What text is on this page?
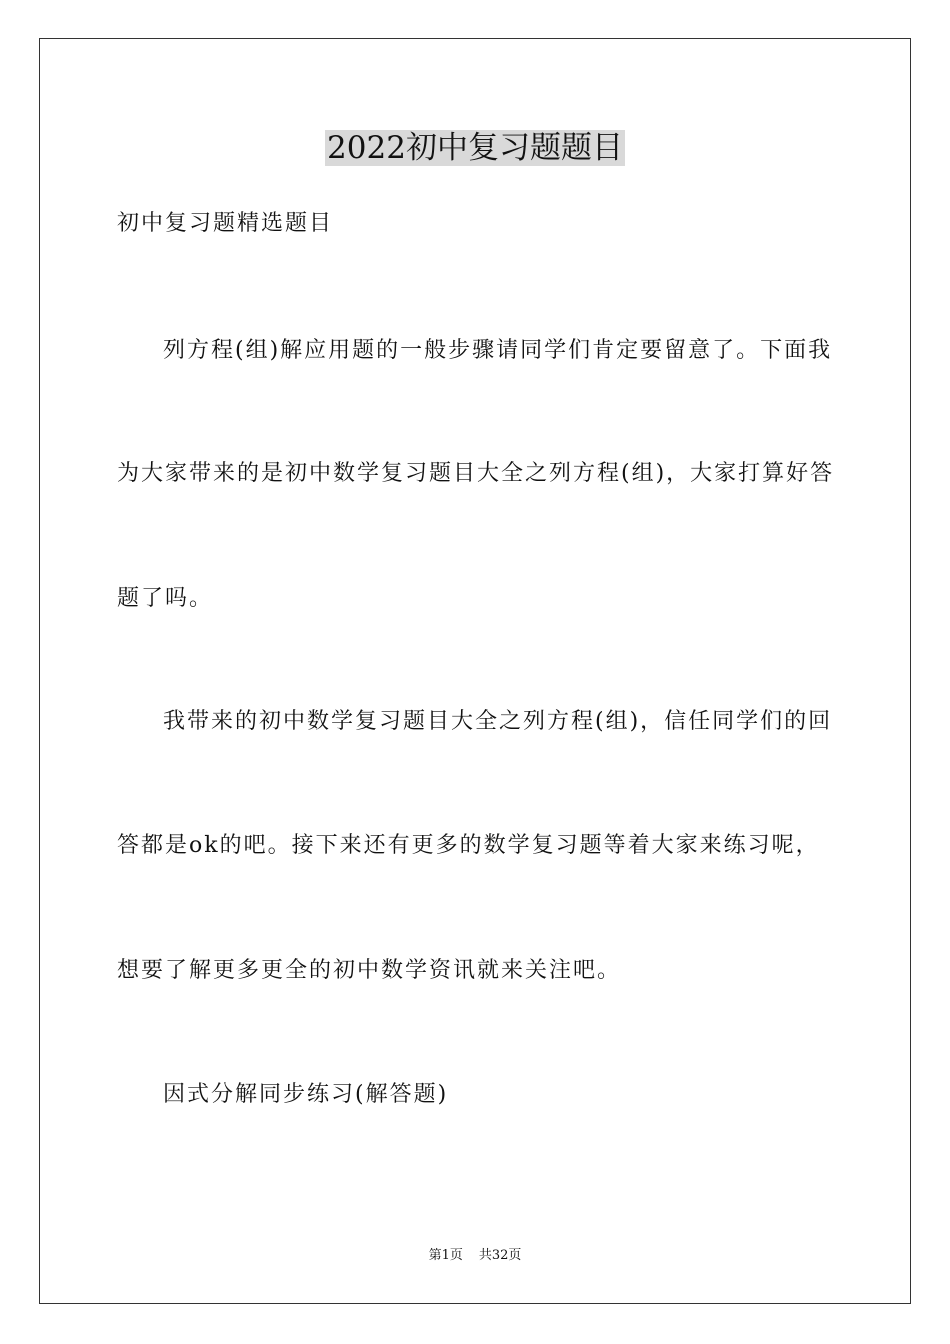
2022初中复习题题目
初中复习题精选题目
列方程(组)解应用题的一般步骤请同学们肯定要留意了。下面我
为大家带来的是初中数学复习题目大全之列方程(组)，大家打算好答
题了吗。
我带来的初中数学复习题目大全之列方程(组)，信任同学们的回
答都是ok的吧。接下来还有更多的数学复习题等着大家来练习呢，
想要了解更多更全的初中数学资讯就来关注吧。
因式分解同步练习(解答题)
第1页 共32页
